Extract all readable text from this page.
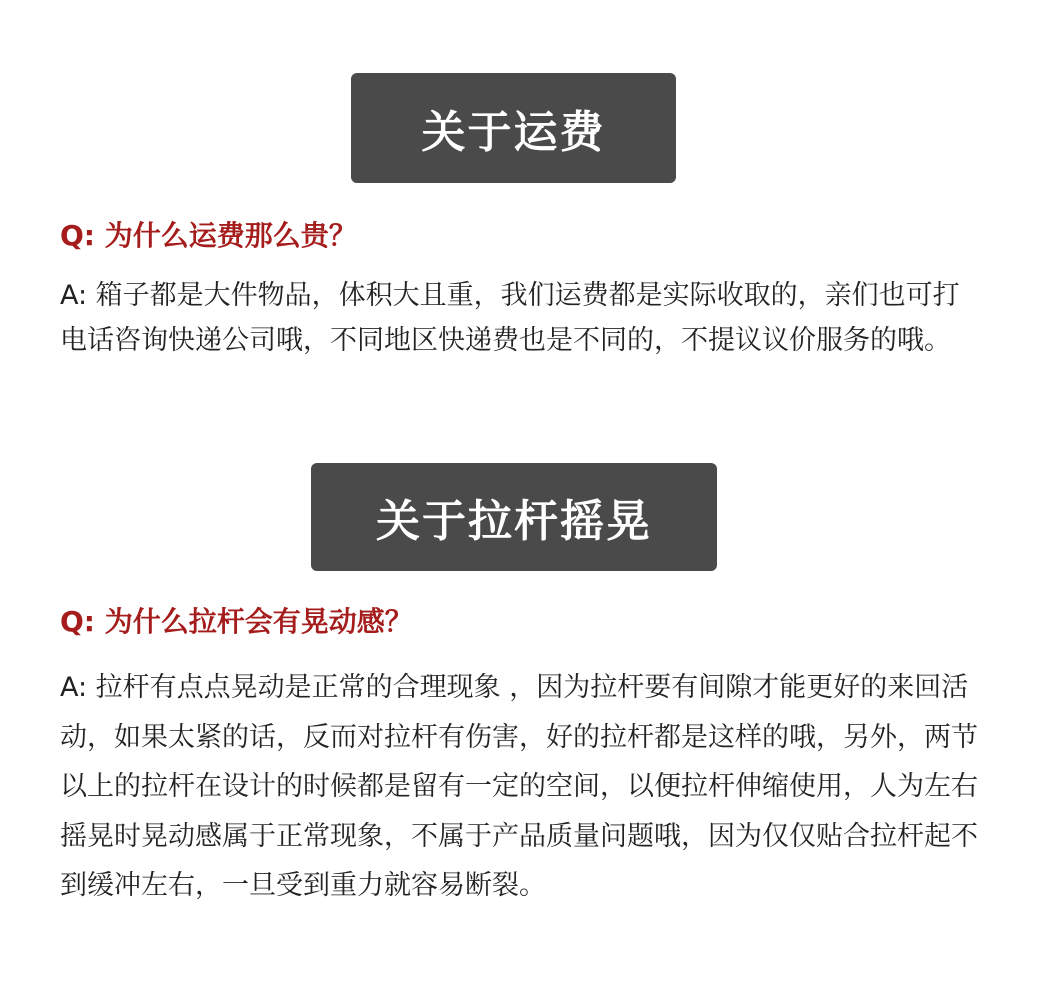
关于运费
Q: 为什么运费那么贵？
A: 箱子都是大件物品，体积大且重，我们运费都是实际收取的，亲们也可打电话咨询快递公司哦，不同地区快递费也是不同的，不提议议价服务的哦。
关于拉杆摇晃
Q: 为什么拉杆会有晃动感？
A: 拉杆有点点晃动是正常的合理现象 ，因为拉杆要有间隙才能更好的来回活动，如果太紧的话，反而对拉杆有伤害，好的拉杆都是这样的哦，另外，两节以上的拉杆在设计的时候都是留有一定的空间，以便拉杆伸缩使用，人为左右摇晃时晃动感属于正常现象，不属于产品质量问题哦，因为仅仅贴合拉杆起不到缓冲左右，一旦受到重力就容易断裂。
